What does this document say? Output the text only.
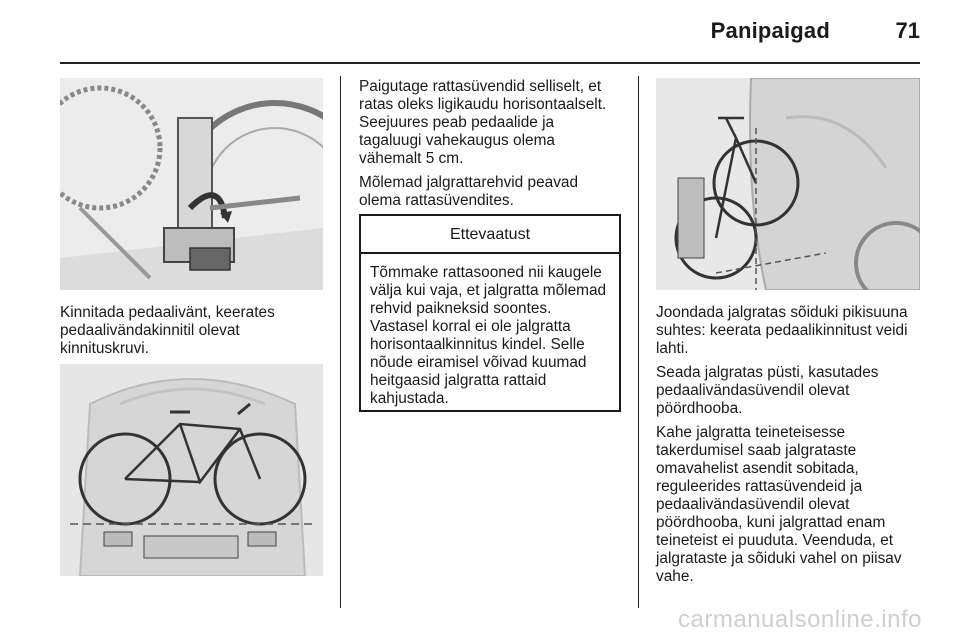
Panipaigad	71

Kinnitada pedaalivänt, keerates
pedaalivändakinnitil olevat
kinnituskruvi.

Paigutage rattasüvendid selliselt, et
ratas oleks ligikaudu horisontaalselt.
Seejuures peab pedaalide ja
tagaluugi vahekaugus olema
vähemalt 5 cm.

Mõlemad jalgrattarehvid peavad
olema rattasüvendites.

Ettevaatust
Tõmmake rattasooned nii kaugele
välja kui vaja, et jalgratta mõlemad
rehvid paikneksid soontes.
Vastasel korral ei ole jalgratta
horisontaalkinnitus kindel. Selle
nõude eiramisel võivad kuumad
heitgaasid jalgratta rattaid
kahjustada.

Joondada jalgratas sõiduki pikisuuna
suhtes: keerata pedaalikinnitust veidi
lahti.

Seada jalgratas püsti, kasutades
pedaalivändasüvendil olevat
pöördhooba.

Kahe jalgratta teineteisesse
takerdumisel saab jalgrataste
omavahelist asendit sobitada,
reguleerides rattasüvendeid ja
pedaalivändasüvendil olevat
pöördhooba, kuni jalgrattad enam
teineteist ei puuduta. Veenduda, et
jalgrataste ja sõiduki vahel on piisav
vahe.

carmanualsonline.info
